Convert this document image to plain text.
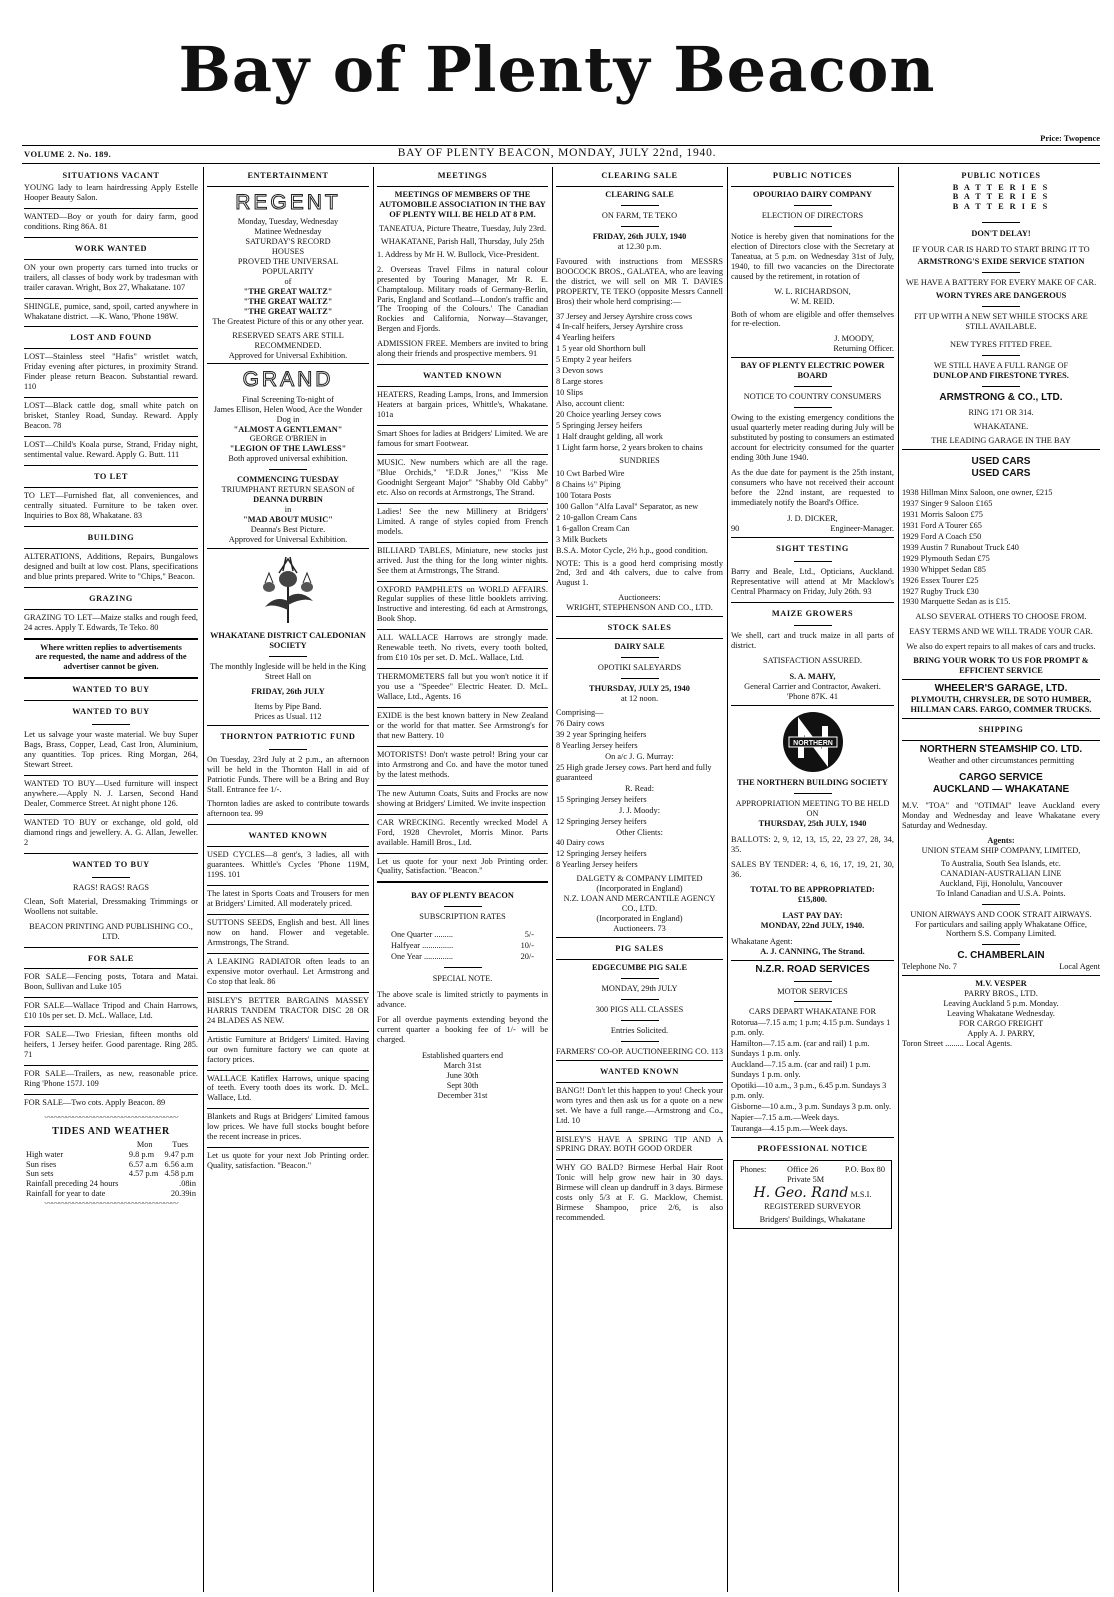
Bay of Plenty Beacon
Price: Twopence
VOLUME 2. No. 189.	BAY OF PLENTY BEACON, MONDAY, JULY 22nd, 1940.
SITUATIONS VACANT
YOUNG lady to learn hairdressing Apply Estelle Hooper Beauty Salon.
WANTED—Boy or youth for dairy farm, good conditions. Ring 86A. 81
WORK WANTED
ON your own property cars turned into trucks or trailers, all classes of body work by tradesman with trailer caravan. Wright, Box 27, Whakatane. 107
SHINGLE, pumice, sand, spoil, carted anywhere in Whakatane district. —K. Wano, 'Phone 198W.
LOST AND FOUND
LOST—Stainless steel "Hafis" wristlet watch, Friday evening after pictures, in proximity Strand. Finder please return Beacon. Substantial reward. 110
LOST—Black cattle dog, small white patch on brisket, Stanley Road, Sunday. Reward. Apply Beacon. 78
LOST—Child's Koala purse, Strand, Friday night, sentimental value. Reward. Apply G. Butt. 111
TO LET
TO LET—Furnished flat, all conveniences, and centrally situated. Furniture to be taken over. Inquiries to Box 88, Whakatane. 83
BUILDING
ALTERATIONS, Additions, Repairs, Bungalows designed and built at low cost. Plans, specifications and blue prints prepared. Write to "Chips," Beacon.
GRAZING
GRAZING TO LET—Maize stalks and rough feed, 24 acres. Apply T. Edwards, Te Teko. 80
Where written replies to advertisements are requested, the name and address of the advertiser cannot be given.
WANTED TO BUY
WANTED TO BUY
Let us salvage your waste material. We buy Super Bags, Brass, Copper, Lead, Cast Iron, Aluminium, any quantities. Top prices. Ring Morgan, 264, Stewart Street.
WANTED TO BUY—Used furniture will inspect anywhere.—Apply N. J. Larsen, Second Hand Dealer, Commerce Street. At night phone 126.
WANTED TO BUY or exchange, old gold, old diamond rings and jewellery. A. G. Allan, Jeweller. 2
WANTED TO BUY
RAGS! RAGS! RAGS
Clean, Soft Material, Dressmaking Trimmings or Woollens not suitable.
BEACON PRINTING AND PUBLISHING CO., LTD.
FOR SALE
FOR SALE—Fencing posts, Totara and Matai. Boon, Sullivan and Luke 105
FOR SALE—Wallace Tripod and Chain Harrows, £10 10s per set. D. McL. Wallace, Ltd.
FOR SALE—Two Friesian, fifteen months old heifers, 1 Jersey heifer. Good parentage. Ring 285. 71
FOR SALE—Trailers, as new, reasonable price. Ring 'Phone 157J. 109
FOR SALE—Two cots. Apply Beacon. 89
〰〰〰〰〰〰〰〰〰〰〰〰〰〰〰〰〰〰〰
TIDES AND WEATHER
	Mon	Tues
High water	9.8 p.m	9.47 p.m
Sun rises	6.57 a.m	6.56 a.m
Sun sets	4.57 p.m	4.58 p.m
Rainfall preceding 24 hours	.08in	
Rainfall for year to date	20.39in	
〰〰〰〰〰〰〰〰〰〰〰〰〰〰〰〰〰〰〰
ENTERTAINMENT
REGENT
Monday, Tuesday, Wednesday
Matinee Wednesday
SATURDAY'S RECORD
HOUSES
PROVED THE UNIVERSAL
POPULARITY
of
"THE GREAT WALTZ"
"THE GREAT WALTZ"
"THE GREAT WALTZ"
The Greatest Picture of this or any other year.
RESERVED SEATS ARE STILL RECOMMENDED.
Approved for Universal Exhibition.
GRAND
Final Screening To-night of
James Ellison, Helen Wood, Ace the Wonder Dog in
"ALMOST A GENTLEMAN"
GEORGE O'BRIEN in
"LEGION OF THE LAWLESS"
Both approved universal exhibition.
COMMENCING TUESDAY
TRIUMPHANT RETURN SEASON of
DEANNA DURBIN
in
"MAD ABOUT MUSIC"
Deanna's Best Picture.
Approved for Universal Exhibition.
WHAKATANE DISTRICT CALEDONIAN SOCIETY
The monthly Ingleside will be held in the King Street Hall on
FRIDAY, 26th JULY
Items by Pipe Band.
Prices as Usual. 112
THORNTON PATRIOTIC FUND
On Tuesday, 23rd July at 2 p.m., an afternoon will be held in the Thornton Hall in aid of Patriotic Funds. There will be a Bring and Buy Stall. Entrance fee 1/-.
Thornton ladies are asked to contribute towards afternoon tea. 99
WANTED KNOWN
USED CYCLES—8 gent's, 3 ladies, all with guarantees. Whittle's Cycles 'Phone 119M, 119S. 101
The latest in Sports Coats and Trousers for men at Bridgers' Limited. All moderately priced.
SUTTONS SEEDS, English and best. All lines now on hand. Flower and vegetable. Armstrongs, The Strand.
A LEAKING RADIATOR often leads to an expensive motor overhaul. Let Armstrong and Co stop that leak. 86
BISLEY'S BETTER BARGAINS MASSEY HARRIS TANDEM TRACTOR DISC 28 OR 24 BLADES AS NEW.
Artistic Furniture at Bridgers' Limited. Having our own furniture factory we can quote at factory prices.
WALLACE Katiflex Harrows, unique spacing of teeth. Every tooth does its work. D. McL. Wallace, Ltd.
Blankets and Rugs at Bridgers' Limited famous low prices. We have full stocks bought before the recent increase in prices.
Let us quote for your next Job Printing order. Quality, satisfaction. "Beacon."
MEETINGS
MEETINGS OF MEMBERS OF THE AUTOMOBILE ASSOCIATION IN THE BAY OF PLENTY WILL BE HELD AT 8 P.M.
TANEATUA, Picture Theatre, Tuesday, July 23rd.
WHAKATANE, Parish Hall, Thursday, July 25th
1. Address by Mr H. W. Bullock, Vice-President.
2. Overseas Travel Films in natural colour presented by Touring Manager, Mr R. E. Champtaloup. Military roads of Germany-Berlin, Paris, England and Scotland—London's traffic and 'The Trooping of the Colours.' The Canadian Rockies and California, Norway—Stavanger, Bergen and Fjords.
ADMISSION FREE. Members are invited to bring along their friends and prospective members. 91
WANTED KNOWN
HEATERS, Reading Lamps, Irons, and Immersion Heaters at bargain prices, Whittle's, Whakatane. 101a
Smart Shoes for ladies at Bridgers' Limited. We are famous for smart Footwear.
MUSIC. New numbers which are all the rage. "Blue Orchids," "F.D.R Jones," "Kiss Me Goodnight Sergeant Major" "Shabby Old Cabby" etc. Also on records at Armstrongs, The Strand.
Ladies! See the new Millinery at Bridgers' Limited. A range of styles copied from French models.
BILLIARD TABLES, Miniature, new stocks just arrived. Just the thing for the long winter nights. See them at Armstrongs, The Strand.
OXFORD PAMPHLETS on WORLD AFFAIRS. Regular supplies of these little booklets arriving. Instructive and interesting. 6d each at Armstrongs, Book Shop.
ALL WALLACE Harrows are strongly made. Renewable teeth. No rivets, every tooth bolted, from £10 10s per set. D. McL. Wallace, Ltd.
THERMOMETERS fall but you won't notice it if you use a "Speedee" Electric Heater. D. McL. Wallace, Ltd., Agents. 16
EXIDE is the best known battery in New Zealand or the world for that matter. See Armstrong's for that new Battery. 10
MOTORISTS! Don't waste petrol! Bring your car into Armstrong and Co. and have the motor tuned by the latest methods.
The new Autumn Coats, Suits and Frocks are now showing at Bridgers' Limited. We invite inspection
CAR WRECKING. Recently wrecked Model A Ford, 1928 Chevrolet, Morris Minor. Parts available. Hamill Bros., Ltd.
Let us quote for your next Job Printing order. Quality, Satisfaction. "Beacon."
BAY OF PLENTY BEACON
SUBSCRIPTION RATES
One Quarter .........	5/-
Halfyear ...............	10/-
One Year ..............	20/-
SPECIAL NOTE.
The above scale is limited strictly to payments in advance.
For all overdue payments extending beyond the current quarter a booking fee of 1/- will be charged.
Established quarters end
March 31st
June 30th
Sept 30th
December 31st
CLEARING SALE
CLEARING SALE
ON FARM, TE TEKO
FRIDAY, 26th JULY, 1940
at 12.30 p.m.
Favoured with instructions from MESSRS BOOCOCK BROS., GALATEA, who are leaving the district, we will sell on MR T. DAVIES PROPERTY, TE TEKO (opposite Messrs Cannell Bros) their whole herd comprising:—
37 Jersey and Jersey Ayrshire cross cows
4 In-calf heifers, Jersey Ayrshire cross
4 Yearling heifers
1 5 year old Shorthorn bull
5 Empty 2 year heifers
3 Devon sows
8 Large stores
10 Slips
Also, account client:
20 Choice yearling Jersey cows
5 Springing Jersey heifers
1 Half draught gelding, all work
1 Light farm horse, 2 years broken to chains
SUNDRIES
10 Cwt Barbed Wire
8 Chains ½" Piping
100 Totara Posts
100 Gallon "Alfa Laval" Separator, as new
2 10-gallon Cream Cans
1 6-gallon Cream Can
3 Milk Buckets
B.S.A. Motor Cycle, 2½ h.p., good condition.
NOTE: This is a good herd comprising mostly 2nd, 3rd and 4th calvers, due to calve from August 1.
Auctioneers:
WRIGHT, STEPHENSON AND CO., LTD.
STOCK SALES
DAIRY SALE
OPOTIKI SALEYARDS
THURSDAY, JULY 25, 1940
at 12 noon.
Comprising—
76 Dairy cows
39 2 year Springing heifers
8 Yearling Jersey heifers
On a/c J. G. Murray:
25 High grade Jersey cows. Part herd and fully guaranteed
R. Read:
15 Springing Jersey heifers
J. J. Moody:
12 Springing Jersey heifers
Other Clients:
40 Dairy cows
12 Springing Jersey heifers
8 Yearling Jersey heifers
DALGETY & COMPANY LIMITED
(Incorporated in England)
N.Z. LOAN AND MERCANTILE AGENCY CO., LTD.
(Incorporated in England)
Auctioneers. 73
PIG SALES
EDGECUMBE PIG SALE
MONDAY, 29th JULY
300 PIGS ALL CLASSES
Entries Solicited.
FARMERS' CO-OP. AUCTIONEERING CO. 113
WANTED KNOWN
BANG!! Don't let this happen to you! Check your worn tyres and then ask us for a quote on a new set. We have a full range.—Armstrong and Co., Ltd. 10
BISLEY'S HAVE A SPRING TIP AND A SPRING DRAY. BOTH GOOD ORDER
WHY GO BALD? Birmese Herbal Hair Root Tonic will help grow new hair in 30 days. Birmese will clean up dandruff in 3 days. Birmese costs only 5/3 at F. G. Macklow, Chemist. Birmese Shampoo, price 2/6, is also recommended.
PUBLIC NOTICES
OPOURIAO DAIRY COMPANY
ELECTION OF DIRECTORS
Notice is hereby given that nominations for the election of Directors close with the Secretary at Taneatua, at 5 p.m. on Wednesday 31st of July, 1940, to fill two vacancies on the Directorate caused by the retirement, in rotation of
W. L. RICHARDSON,
W. M. REID.
Both of whom are eligible and offer themselves for re-election.
J. MOODY,
Returning Officer.
BAY OF PLENTY ELECTRIC POWER BOARD
NOTICE TO COUNTRY CONSUMERS
Owing to the existing emergency conditions the usual quarterly meter reading during July will be substituted by posting to consumers an estimated account for electricity consumed for the quarter ending 30th June 1940.
As the due date for payment is the 25th instant, consumers who have not received their account before the 22nd instant, are requested to immediately notify the Board's Office.
J. D. DICKER,
90	Engineer-Manager.
SIGHT TESTING
Barry and Beale, Ltd., Opticians, Auckland. Representative will attend at Mr Macklow's Central Pharmacy on Friday, July 26th. 93
MAIZE GROWERS
We shell, cart and truck maize in all parts of district.
SATISFACTION ASSURED.
S. A. MAHY,
General Carrier and Contractor, Awakeri.
'Phone 87K. 41
NORTHERN
THE NORTHERN BUILDING SOCIETY
APPROPRIATION MEETING TO BE HELD ON
THURSDAY, 25th JULY, 1940
BALLOTS: 2, 9, 12, 13, 15, 22, 23 27, 28, 34, 35.
SALES BY TENDER: 4, 6, 16, 17, 19, 21, 30, 36.
TOTAL TO BE APPROPRIATED:
£15,800.
LAST PAY DAY:
MONDAY, 22nd JULY, 1940.
Whakatane Agent:
A. J. CANNING, The Strand.
N.Z.R. ROAD SERVICES
MOTOR SERVICES
CARS DEPART WHAKATANE FOR
Rotorua—7.15 a.m; 1 p.m; 4.15 p.m. Sundays 1 p.m. only.
Hamilton—7.15 a.m. (car and rail) 1 p.m. Sundays 1 p.m. only.
Auckland—7.15 a.m. (car and rail) 1 p.m. Sundays 1 p.m. only.
Opotiki—10 a.m., 3 p.m., 6.45 p.m. Sundays 3 p.m. only.
Gisborne—10 a.m., 3 p.m. Sundays 3 p.m. only.
Napier—7.15 a.m.—Week days.
Tauranga—4.15 p.m.—Week days.
PROFESSIONAL NOTICE
Phones: Office 26
Private 5M
P.O. Box 80
H. Geo. Rand M.S.I.
REGISTERED SURVEYOR
Bridgers' Buildings, Whakatane
PUBLIC NOTICES
B A T T E R I E S
B A T T E R I E S
B A T T E R I E S
DON'T DELAY!
IF YOUR CAR IS HARD TO START BRING IT TO
ARMSTRONG'S EXIDE SERVICE STATION
WE HAVE A BATTERY FOR EVERY MAKE OF CAR.
WORN TYRES ARE DANGEROUS
FIT UP WITH A NEW SET WHILE STOCKS ARE STILL AVAILABLE.
NEW TYRES FITTED FREE.
WE STILL HAVE A FULL RANGE OF
DUNLOP AND FIRESTONE TYRES.
ARMSTRONG & CO., LTD.
RING 171 OR 314.
WHAKATANE.
THE LEADING GARAGE IN THE BAY
USED CARS
USED CARS
1938 Hillman Minx Saloon, one owner, £215
1937 Singer 9 Saloon £165
1931 Morris Saloon £75
1931 Ford A Tourer £65
1929 Ford A Coach £50
1939 Austin 7 Runabout Truck £40
1929 Plymouth Sedan £75
1930 Whippet Sedan £85
1926 Essex Tourer £25
1927 Rugby Truck £30
1930 Marquette Sedan as is £15.
ALSO SEVERAL OTHERS TO CHOOSE FROM.
EASY TERMS AND WE WILL TRADE YOUR CAR.
We also do expert repairs to all makes of cars and trucks.
BRING YOUR WORK TO US FOR PROMPT & EFFICIENT SERVICE
WHEELER'S GARAGE, LTD.
PLYMOUTH, CHRYSLER, DE SOTO HUMBER, HILLMAN CARS. FARGO, COMMER TRUCKS.
SHIPPING
NORTHERN STEAMSHIP CO. LTD.
Weather and other circumstances permitting
CARGO SERVICE
AUCKLAND — WHAKATANE
M.V. "TOA" and "OTIMAI" leave Auckland every Monday and Wednesday and leave Whakatane every Saturday and Wednesday.
Agents:
UNION STEAM SHIP COMPANY, LIMITED,
To Australia, South Sea Islands, etc.
CANADIAN-AUSTRALIAN LINE
Auckland, Fiji, Honolulu, Vancouver
To Inland Canadian and U.S.A. Points.
UNION AIRWAYS AND COOK STRAIT AIRWAYS.
For particulars and sailing apply Whakatane Office, Northern S.S. Company Limited.
C. CHAMBERLAIN
Telephone No. 7	Local Agent
M.V. VESPER
PARRY BROS., LTD.
Leaving Auckland 5 p.m. Monday.
Leaving Whakatane Wednesday.
FOR CARGO FREIGHT
Apply A. J. PARRY,
Toron Street ......... Local Agents.
